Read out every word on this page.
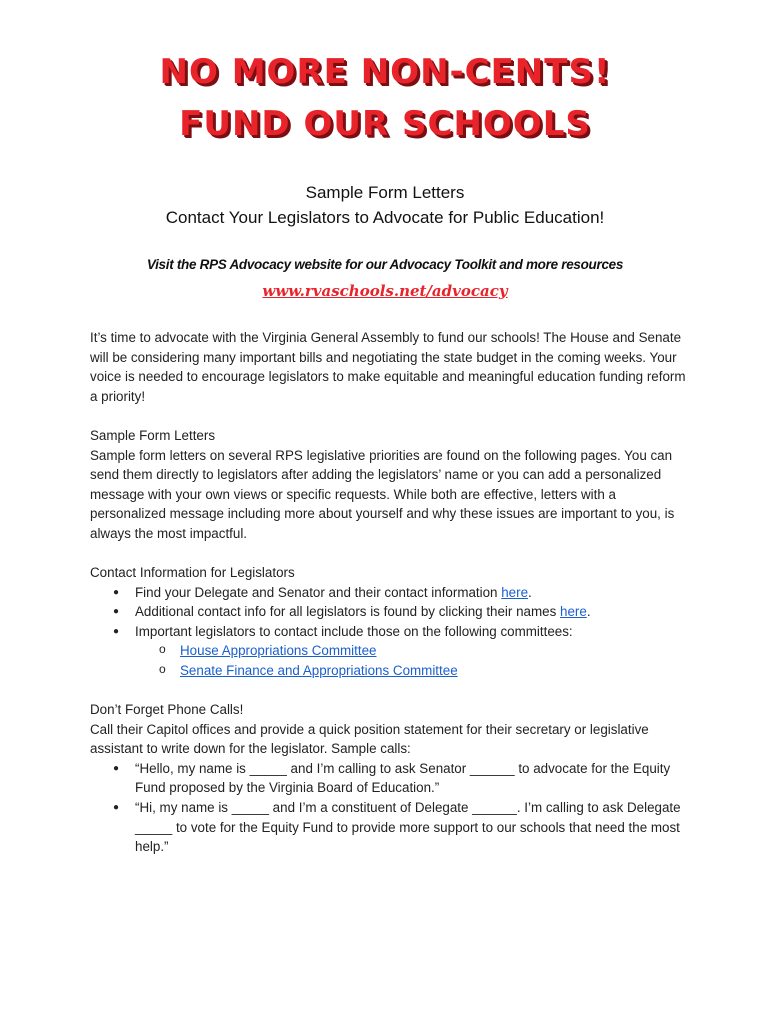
NO MORE NON-CENTS!
FUND OUR SCHOOLS
Sample Form Letters
Contact Your Legislators to Advocate for Public Education!
Visit the RPS Advocacy website for our Advocacy Toolkit and more resources
www.rvaschools.net/advocacy

It’s time to advocate with the Virginia General Assembly to fund our schools! The House and Senate will be considering many important bills and negotiating the state budget in the coming weeks. Your voice is needed to encourage legislators to make equitable and meaningful education funding reform a priority!

Sample Form Letters

Sample form letters on several RPS legislative priorities are found on the following pages. You can send them directly to legislators after adding the legislators’ name or you can add a personalized message with your own views or specific requests. While both are effective, letters with a personalized message including more about yourself and why these issues are important to you, is always the most impactful.

Contact Information for Legislators

● Find your Delegate and Senator and their contact information here.
● Additional contact info for all legislators is found by clicking their names here.
● Important legislators to contact include those on the following committees:
o House Appropriations Committee
o Senate Finance and Appropriations Committee

Don’t Forget Phone Calls!

Call their Capitol offices and provide a quick position statement for their secretary or legislative assistant to write down for the legislator. Sample calls:

● “Hello, my name is _____ and I’m calling to ask Senator ______ to advocate for the Equity Fund proposed by the Virginia Board of Education.”
● “Hi, my name is _____ and I’m a constituent of Delegate ______. I’m calling to ask Delegate _____ to vote for the Equity Fund to provide more support to our schools that need the most help.”
